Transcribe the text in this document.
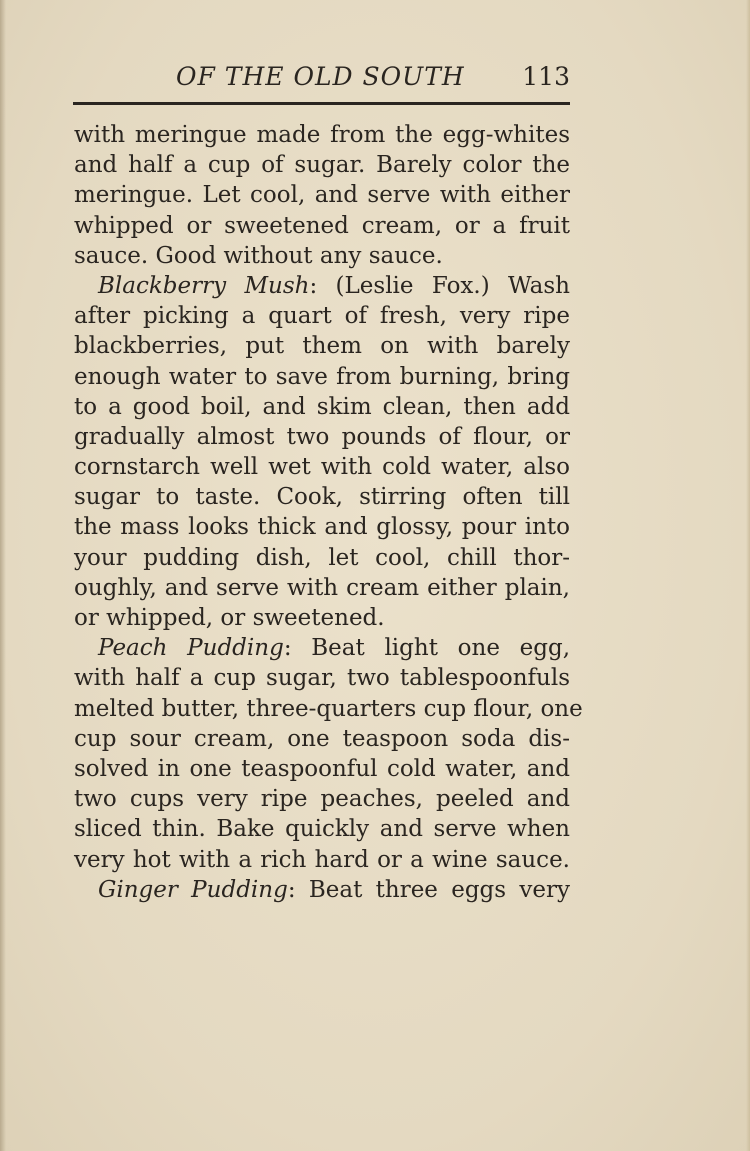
OF THE OLD SOUTH 113
with meringue made from the egg-whites
and half a cup of sugar. Barely color the
meringue. Let cool, and serve with either
whipped or sweetened cream, or a fruit
sauce. Good without any sauce.
Blackberry Mush: (Leslie Fox.) Wash
after picking a quart of fresh, very ripe
blackberries, put them on with barely
enough water to save from burning, bring
to a good boil, and skim clean, then add
gradually almost two pounds of flour, or
cornstarch well wet with cold water, also
sugar to taste. Cook, stirring often till
the mass looks thick and glossy, pour into
your pudding dish, let cool, chill thor-
oughly, and serve with cream either plain,
or whipped, or sweetened.
Peach Pudding: Beat light one egg,
with half a cup sugar, two tablespoonfuls
melted butter, three-quarters cup flour, one
cup sour cream, one teaspoon soda dis-
solved in one teaspoonful cold water, and
two cups very ripe peaches, peeled and
sliced thin. Bake quickly and serve when
very hot with a rich hard or a wine sauce.
Ginger Pudding: Beat three eggs very
